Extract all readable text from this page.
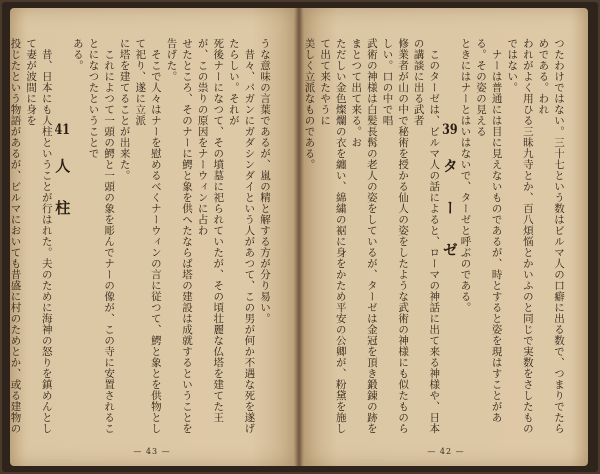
つたわけではない。三十七という数はビルマ人の口癖に出る数で、つまりでたらめである。われ

われがよく用ひる三昧九寺とか、百八煩悩とかいふのと同じで実数をさしたものではない。

ナーは普通には目に見えないものであるが、時とすると姿を現はすことがある。その姿の見える

ときにはナーとはいはないで、ターゼと呼ぶのである。

39　タ　ー　ゼ

このターゼは、ビルマ人の話によると、ローマの神話に出て来る神様や、日本の講談に出る武者

修業者が山の中で秘術を授かる仙人の姿をしたような武術の神様にも似たものらしい。口の中で唱

武術の神様は白髪長髯の老人の姿をしているが、ターゼは金冠を頂き鍛錬の跡をまとつて出て来る。お

ただしい金色燦爛の衣を纏い、綿繍の裾に身をかため平安の公卿が、粉黛を施して出て来たやうに

美しく立派なものである。

— 42 —

うな意味の言葉であるが、嵐の精と解する方が分り易い。

昔々、パガンにガダシンダイという人があつて、この男が何か不遇な死を遂げたらしい。それが

死後ナーになつて、その墳墓に祀られていたが、その頃壮麗な仏塔を建てた王が、この祟りの原因をナーウィンに占わ

せたところ、そのナーに鰐と象を供へたならば塔の建設は成就するということを告げた。

そこで人々はナーを慰めるべくナーウィンの言に従つて、鰐と象とを供物として祀り、遂に立派

に塔を建てることが出来た。

これによつて一頭の鰐と一頭の象を彫んでナーの像が、この寺に安置されることになつたということで

ある。

41　人　柱

昔、日本にも人柱ということが行はれた。夫のために海神の怒りを鎮めんとして妻が波間に身を

投じたという物語があるが、ビルマにおいても昔盛に村のためとか、或る建物の

— 43 —
